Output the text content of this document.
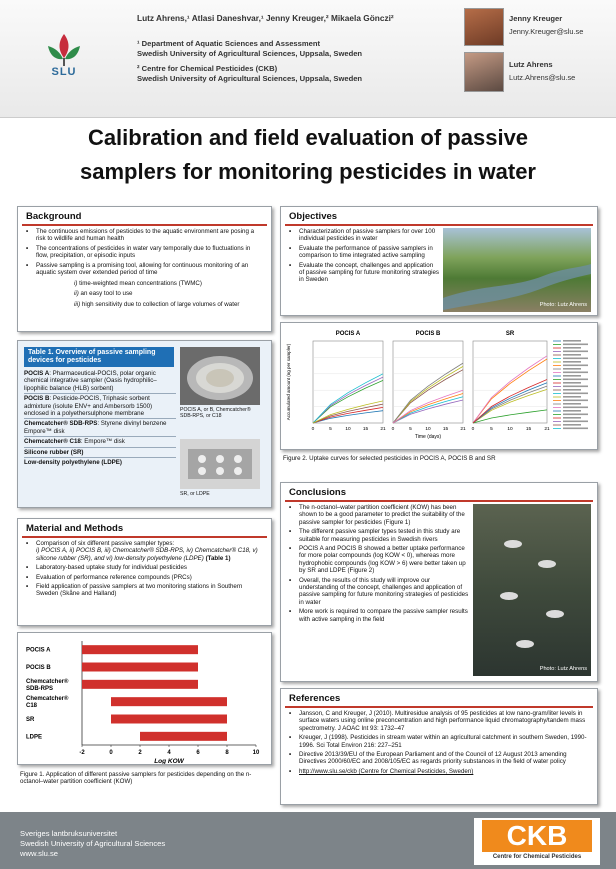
SLU
Lutz Ahrens,¹ Atlasi Daneshvar,¹ Jenny Kreuger,² Mikaela Gönczi²
¹ Department of Aquatic Sciences and Assessment
Swedish University of Agricultural Sciences, Uppsala, Sweden
² Centre for Chemical Pesticides (CKB)
Swedish University of Agricultural Sciences, Uppsala, Sweden
Jenny Kreuger
Jenny.Kreuger@slu.se
Lutz Ahrens
Lutz.Ahrens@slu.se
Calibration and field evaluation of passive
samplers for monitoring pesticides in water
Background
• The continuous emissions of pesticides to the aquatic environment are posing a risk to wildlife and human health
• The concentrations of pesticides in water vary temporally due to fluctuations in flow, precipitation, or episodic inputs
• Passive sampling is a promising tool, allowing for continuous monitoring of an aquatic system over extended period of time
i) time-weighted mean concentrations (TWMC)
ii) an easy tool to use
iii) high sensitivity due to collection of large volumes of water
Table 1. Overview of passive sampling devices for pesticides
POCIS A: Pharmaceutical-POCIS, polar organic chemical integrative sampler (Oasis hydrophilic–lipophilic balance (HLB) sorbent)
POCIS B: Pesticide-POCIS, Triphasic sorbent admixture (isolute ENV+ and Ambersorb 1500) enclosed in a polyethersulphone membrane
Chemcatcher® SDB-RPS: Styrene divinyl benzene Empore™ disk
Chemcatcher® C18: Empore™ disk
Silicone rubber (SR)
Low-density polyethylene (LDPE)
POCIS A, or B, Chemcatcher® SDB-RPS, or C18
SR, or LDPE
Material and Methods
• Comparison of six different passive sampler types:
i) POCIS A, ii) POCIS B, iii) Chemcatcher® SDB-RPS, iv) Chemcatcher® C18, v) silicone rubber (SR), and vi) low-density polyethylene (LDPE) (Table 1)
• Laboratory-based uptake study for individual pesticides
• Evaluation of performance reference compounds (PRCs)
• Field application of passive samplers at two monitoring stations in Southern Sweden (Skåne and Halland)
-2	0	2	4	6	8	10
Log KOW
POCIS A
POCIS B
Chemcatcher®
SDB-RPS
Chemcatcher®
C18
SR
LDPE
Figure 1. Application of different passive samplers for pesticides depending on the n-octanol–water partition coefficient (KOW)
Objectives
• Characterization of passive samplers for over 100 individual pesticides in water
• Evaluate the performance of passive samplers in comparison to time integrated active sampling
• Evaluate the concept, challenges and application of passive sampling for future monitoring strategies in Sweden
Photo: Lutz Ahrens
Accumulated amount (ng per sampler)
POCIS A
0	5	10	15	21
POCIS B
0	5	10	15	21
SR
0	5	10	15	21
Time (days)
Figure 2. Uptake curves for selected pesticides in POCIS A, POCIS B and SR
Conclusions
• The n-octanol–water partition coefficient (KOW) has been shown to be a good parameter to predict the suitability of the passive sampler for pesticides (Figure 1)
• The different passive sampler types tested in this study are suitable for measuring pesticides in Swedish rivers
• POCIS A and POCIS B showed a better uptake performance for more polar compounds (log KOW < 0), whereas more hydrophobic compounds (log KOW > 6) were better taken up by SR and LDPE (Figure 2)
• Overall, the results of this study will improve our understanding of the concept, challenges and application of passive sampling for future monitoring strategies of pesticides in water
• More work is required to compare the passive sampler results with active sampling in the field
Photo: Lutz Ahrens
References
• Jansson, C and Kreuger, J (2010). Multiresidue analysis of 95 pesticides at low nano-gram/liter levels in surface waters using online preconcentration and high performance liquid chromatography/tandem mass spectrometry. J AOAC Int 93: 1732–47
• Kreuger, J (1998). Pesticides in stream water within an agricultural catchment in southern Sweden, 1990-1996. Sci Total Environ 216: 227–251
• Directive 2013/39/EU of the European Parliament and of the Council of 12 August 2013 amending Directives 2000/60/EC and 2008/105/EC as regards priority substances in the field of water policy
• http://www.slu.se/ckb (Centre for Chemical Pesticides, Sweden)
Sveriges lantbruksuniversitet
Swedish University of Agricultural Sciences
www.slu.se
CKB
Centre for Chemical Pesticides
